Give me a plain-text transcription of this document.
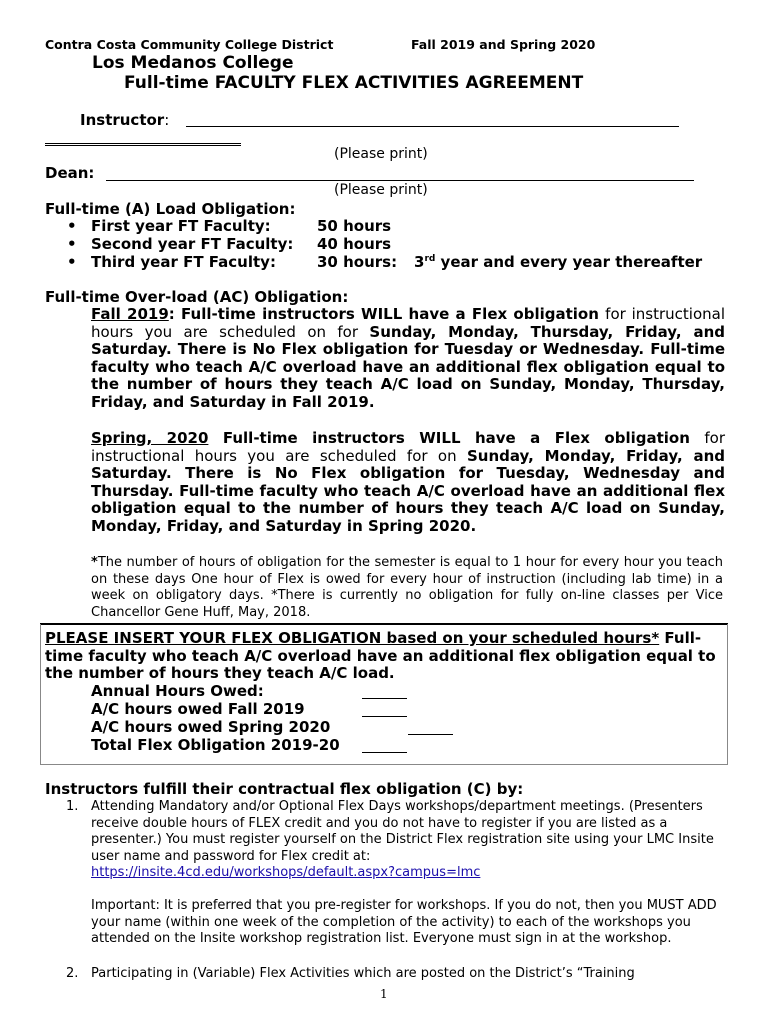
Contra Costa Community College District	Fall 2019 and Spring 2020
Los Medanos College
Full-time FACULTY FLEX ACTIVITIES AGREEMENT
Instructor:
(Please print)
Dean:
(Please print)
Full-time (A) Load Obligation:
• First year FT Faculty:	50 hours
• Second year FT Faculty: 40 hours
• Third year FT Faculty:	30 hours: 3rd year and every year thereafter
Full-time Over-load (AC) Obligation:
Fall 2019: Full-time instructors WILL have a Flex obligation for instructional hours you are scheduled on for Sunday, Monday, Thursday, Friday, and Saturday. There is No Flex obligation for Tuesday or Wednesday. Full-time faculty who teach A/C overload have an additional flex obligation equal to the number of hours they teach A/C load on Sunday, Monday, Thursday, Friday, and Saturday in Fall 2019.
Spring, 2020 Full-time instructors WILL have a Flex obligation for instructional hours you are scheduled for on Sunday, Monday, Friday, and Saturday. There is No Flex obligation for Tuesday, Wednesday and Thursday. Full-time faculty who teach A/C overload have an additional flex obligation equal to the number of hours they teach A/C load on Sunday, Monday, Friday, and Saturday in Spring 2020.
*The number of hours of obligation for the semester is equal to 1 hour for every hour you teach on these days One hour of Flex is owed for every hour of instruction (including lab time) in a week on obligatory days. *There is currently no obligation for fully on-line classes per Vice Chancellor Gene Huff, May, 2018.
PLEASE INSERT YOUR FLEX OBLIGATION based on your scheduled hours* Full-time faculty who teach A/C overload have an additional flex obligation equal to the number of hours they teach A/C load.
Annual Hours Owed:
A/C hours owed Fall 2019
A/C hours owed Spring 2020
Total Flex Obligation 2019-20
Instructors fulfill their contractual flex obligation (C) by:
1. Attending Mandatory and/or Optional Flex Days workshops/department meetings. (Presenters receive double hours of FLEX credit and you do not have to register if you are listed as a presenter.) You must register yourself on the District Flex registration site using your LMC Insite user name and password for Flex credit at:
https://insite.4cd.edu/workshops/default.aspx?campus=lmc

Important: It is preferred that you pre-register for workshops. If you do not, then you MUST ADD your name (within one week of the completion of the activity) to each of the workshops you attended on the Insite workshop registration list. Everyone must sign in at the workshop.
2. Participating in (Variable) Flex Activities which are posted on the District’s “Training
1
